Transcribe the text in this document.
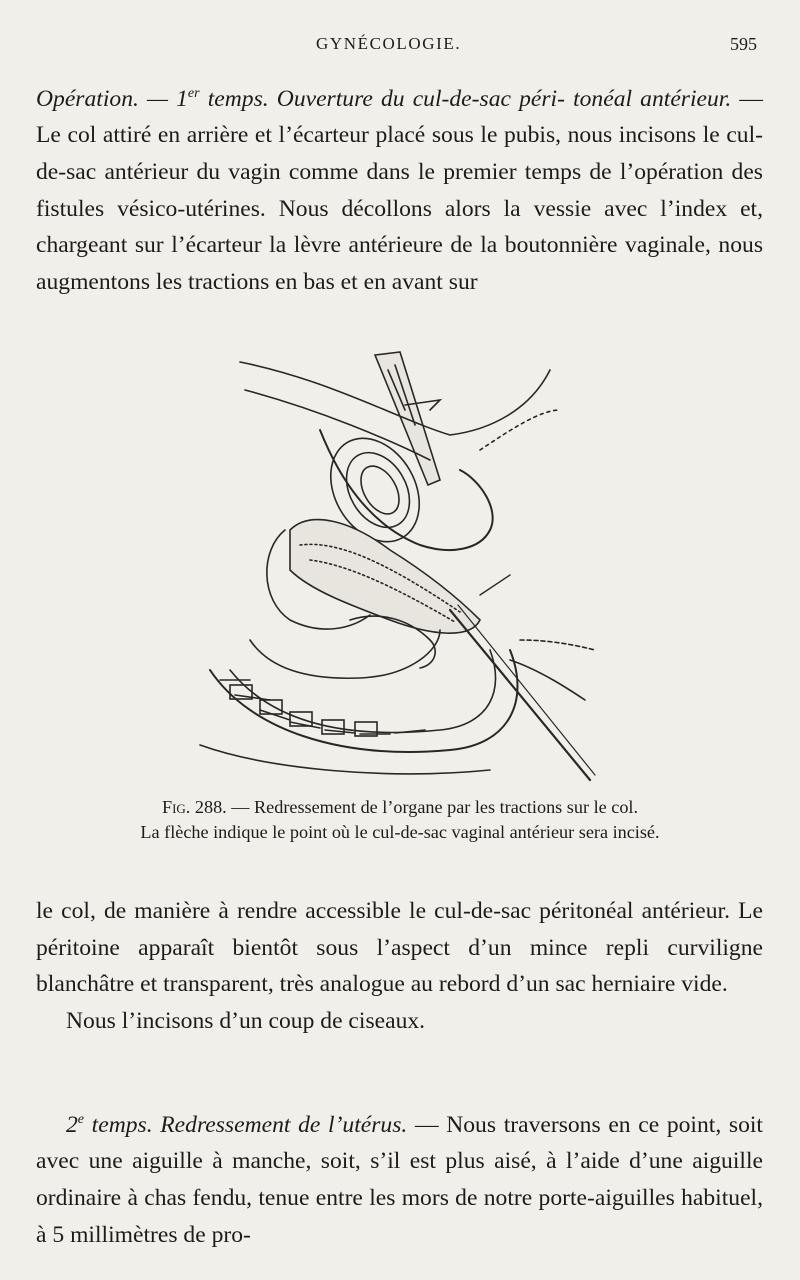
GYNÉCOLOGIE.	595

Opération. — 1er temps. Ouverture du cul-de-sac péri- tonéal antérieur. — Le col attiré en arrière et l’écarteur placé sous le pubis, nous incisons le cul-de-sac antérieur du vagin comme dans le premier temps de l’opération des fistules vésico-utérines. Nous décollons alors la vessie avec l’index et, chargeant sur l’écarteur la lèvre antérieure de la boutonnière vaginale, nous augmentons les tractions en bas et en avant sur

Fig. 288. — Redressement de l’organe par les tractions sur le col.
La flèche indique le point où le cul-de-sac vaginal antérieur sera incisé.

le col, de manière à rendre accessible le cul-de-sac péritonéal antérieur. Le péritoine apparaît bientôt sous l’aspect d’un mince repli curviligne blanchâtre et transparent, très analogue au rebord d’un sac herniaire vide.

Nous l’incisons d’un coup de ciseaux.

2e temps. Redressement de l’utérus. — Nous traversons en ce point, soit avec une aiguille à manche, soit, s’il est plus aisé, à l’aide d’une aiguille ordinaire à chas fendu, tenue entre les mors de notre porte-aiguilles habituel, à 5 millimètres de pro-
